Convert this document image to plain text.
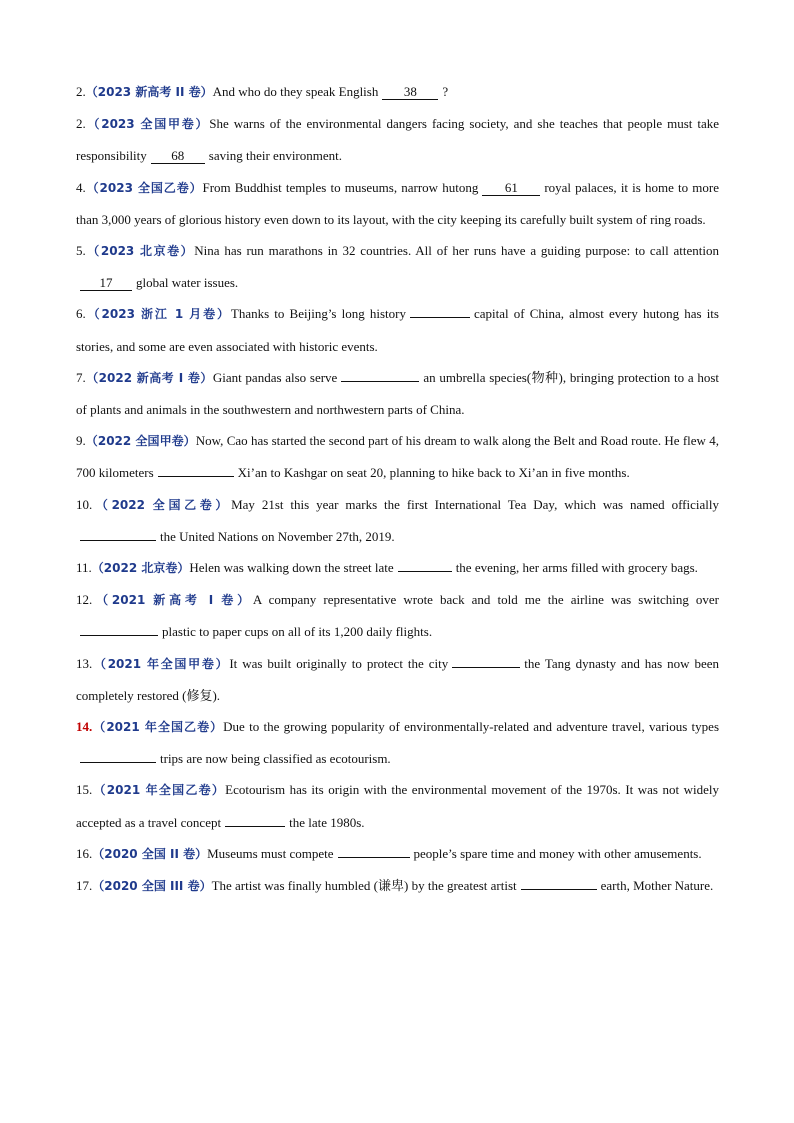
2.（2023 新高考 II 卷）And who do they speak English 38 ?

2.（2023 全国甲卷）She warns of the environmental dangers facing society, and she teaches that people must take responsibility 68 saving their environment.

4.（2023 全国乙卷）From Buddhist temples to museums, narrow hutong 61 royal palaces, it is home to more than 3,000 years of glorious history even down to its layout, with the city keeping its carefully built system of ring roads.

5.（2023 北京卷）Nina has run marathons in 32 countries. All of her runs have a guiding purpose: to call attention17 global water issues.

6.（2023 浙江 1 月卷）Thanks to Beijing’s long history	capital of China, almost every hutong has its stories, and some are even associated with historic events.

7.（2022 新高考 I 卷）Giant pandas also serve	an umbrella species(物种), bringing protection to a host of plants and animals in the southwestern and northwestern parts of China.

9.（2022 全国甲卷）Now, Cao has started the second part of his dream to walk along the Belt and Road route. He flew 4, 700 kilometers	Xi’an to Kashgar on seat 20, planning to hike back to Xi’an in five months.

10.（2022 全国乙卷）May 21st this year marks the first International Tea Day, which was named officiallythe United Nations on November 27th, 2019.

11.（2022 北京卷）Helen was walking down the street late	the evening, her arms filled with grocery bags.

12.（2021 新高考 I 卷）A company representative wrote back and told me the airline was switching overplastic to paper cups on all of its 1,200 daily flights.

13.（2021 年全国甲卷）It was built originally to protect the city	the Tang dynasty and has now been completely restored (修复).

14.（2021 年全国乙卷）Due to the growing popularity of environmentally-related and adventure travel, various typestrips are now being classified as ecotourism.

15.（2021 年全国乙卷）Ecotourism has its origin with the environmental movement of the 1970s. It was not widely accepted as a travel concept	the late 1980s.

16.（2020 全国 II 卷）Museums must compete	people’s spare time and money with other amusements.

17.（2020 全国 III 卷）The artist was finally humbled (谦卑) by the greatest artist	earth, Mother Nature.
